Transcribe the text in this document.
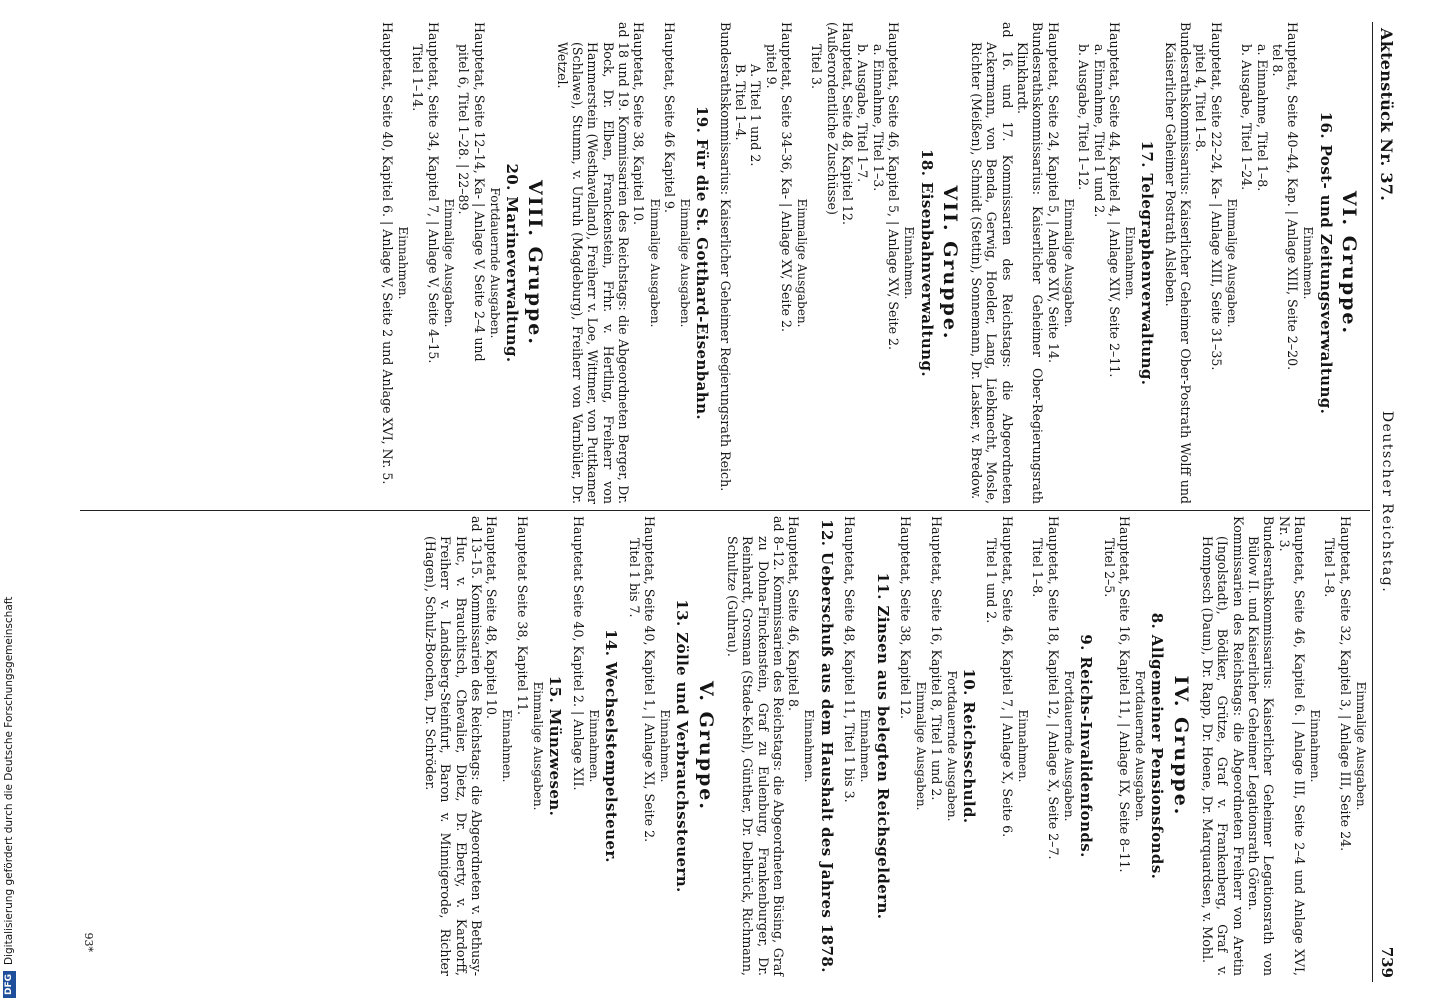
Aktenstück Nr. 37.
Deutscher Reichstag.
739
VI. Gruppe.
16. Post- und Zeitungsverwaltung.
Einnahmen.

Hauptetat, Seite 40–44, Kap. | Anlage XIII, Seite 2–20.

tel 8.

a. Einnahme, Titel 1–8.

b. Ausgabe, Titel 1–24.

Einmalige Ausgaben.

Hauptetat, Seite 22–24, Ka- | Anlage XIII, Seite 31–35.

pitel 4, Titel 1–8.

Bundesrathskommissarius: Kaiserlicher Geheimer Ober-Postrath Wolff und Kaiserlicher Geheimer Postrath Alsleben.

17. Telegraphenverwaltung.
Einnahmen.

Hauptetat, Seite 44, Kapitel 4, | Anlage XIV, Seite 2–11.

a. Einnahme, Titel 1 und 2.

b. Ausgabe, Titel 1–12.

Einmalige Ausgaben.

Hauptetat, Seite 24, Kapitel 5, | Anlage XIV, Seite 14.

Bundesrathskommissarius: Kaiserlicher Geheimer Ober-Regierungsrath Klinkhardt.

ad 16. und 17. Kommissarien des Reichstags: die Abgeordneten Ackermann, von Benda, Gerwig, Hoelder, Lang, Liebknecht, Mosle, Richter (Meißen), Schmidt (Stettin), Sonnemann, Dr. Lasker, v. Bredow.

VII. Gruppe.
18. Eisenbahnverwaltung.
Einnahmen.

Hauptetat, Seite 46, Kapitel 5, | Anlage XV, Seite 2.

a. Einnahme, Titel 1–3.

b. Ausgabe, Titel 1–7.

Hauptetat, Seite 48, Kapitel 12.

(Außerordentliche Zuschüsse)

Titel 3.

Einmalige Ausgaben.

Hauptetat, Seite 34–36, Ka- | Anlage XV, Seite 2.

pitel 9.

A. Titel 1 und 2.

B. Titel 1–4.

Bundesrathskommissarius: Kaiserlicher Geheimer Regierungsrath Reich.

19. Für die St. Gotthard-Eisenbahn.
Einmalige Ausgaben.

Hauptetat, Seite 46 Kapitel 9.

Einmalige Ausgaben.

Hauptetat, Seite 38, Kapitel 10.

ad 18 und 19. Kommissarien des Reichstags: die Abgeordneten Berger, Dr. Bock, Dr. Elben, Franckenstein, Frhr. v. Hertling, Freiherr von Hammerstein (Westhavelland), Freiherr v. Loe, Wittmer, von Puttkamer (Schlawe), Stumm, v. Unruh (Magdeburg), Freiherr von Varnbüler, Dr. Wetzel.

VIII. Gruppe.
20. Marineverwaltung.
Fortdauernde Ausgaben.

Hauptetat, Seite 12–14, Ka- | Anlage V, Seite 2–4 und

pitel 6, Titel 1–28. | 22–89.

Einmalige Ausgaben.

Hauptetat, Seite 34, Kapitel 7, | Anlage V, Seite 4–15.

Titel 1–14.

Einnahmen.

Hauptetat, Seite 40, Kapitel 6. | Anlage V, Seite 2 und Anlage XVI, Nr. 5.

Einmalige Ausgaben.

Hauptetat, Seite 32, Kapitel 3, | Anlage III, Seite 24.

Titel 1–8.

Einnahmen.

Hauptetat, Seite 46, Kapitel 6. | Anlage III, Seite 2–4 und Anlage XVI, Nr. 3.

Bundesrathskommissarius: Kaiserlicher Geheimer Legationsrath von Bülow II. und Kaiserlicher Geheimer Legationsrath Gören.

Kommissarien des Reichstags: die Abgeordneten Freiherr von Aretin (Ingolstadt), Bödiker, Grütze, Graf v. Frankenberg, Graf v. Hompesch (Daun), Dr. Rapp, Dr. Hoene, Dr. Marquardsen, v. Mohl.

IV. Gruppe.
8. Allgemeiner Pensionsfonds.
Fortdauernde Ausgaben.

Hauptetat, Seite 16, Kapitel 11, | Anlage IX, Seite 8–11.

Titel 2–5.

9. Reichs-Invalidenfonds.
Fortdauernde Ausgaben.

Hauptetat, Seite 18, Kapitel 12, | Anlage X, Seite 2–7.

Titel 1–8.

Einnahmen.

Hauptetat, Seite 46, Kapitel 7, | Anlage X, Seite 6.

Titel 1 und 2.

10. Reichsschuld.
Fortdauernde Ausgaben.

Hauptetat, Seite 16, Kapitel 8, Titel 1 und 2.

Einmalige Ausgaben.

Hauptetat, Seite 38, Kapitel 12.

11. Zinsen aus belegten Reichsgeldern.
Einnahmen.

Hauptetat, Seite 48, Kapitel 11, Titel 1 bis 3.

12. Ueberschuß aus dem Haushalt des Jahres 1878.
Einnahmen.

Hauptetat, Seite 46, Kapitel 8.

ad 8–12. Kommissarien des Reichstags: die Abgeordneten Büsing, Graf zu Dohna-Finckenstein, Graf zu Eulenburg, Frankenburger, Dr. Reinhardt, Grosman (Stade-Kehl), Günther, Dr. Delbrück, Richmann, Schultze (Guhrau).

V. Gruppe.
13. Zölle und Verbrauchssteuern.
Einnahmen.

Hauptetat, Seite 40, Kapitel 1, | Anlage XI, Seite 2.

Titel 1 bis 7.

14. Wechselstempelsteuer.
Einnahmen.

Hauptetat Seite 40, Kapitel 2. | Anlage XII.

15. Münzwesen.
Einmalige Ausgaben.

Hauptetat Seite 38, Kapitel 11.

Einnahmen.

Hauptetat, Seite 48, Kapitel 10.

ad 13–15. Kommissarien des Reichstags: die Abgeordneten v. Bethusy-Huc, v. Brauchitsch, Chevalier, Dietz, Dr. Eberty, v. Kardorff, Freiherr v. Landsberg-Steinfurt, Baron v. Minnigerode, Richter (Hagen), Schulz-Boochen, Dr. Schröder.

93*
DFG
Digitalisierung gefördert durch die Deutsche Forschungsgemeinschaft
